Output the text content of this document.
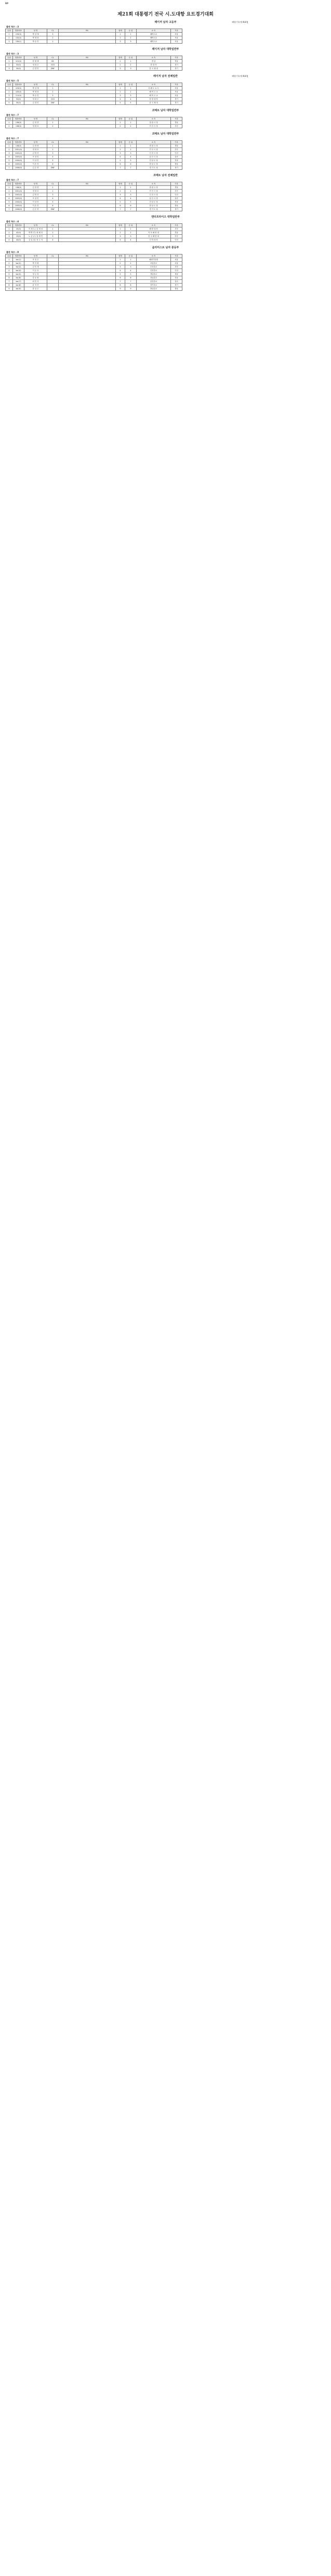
RP
제21회 대통령기 전국 시.도대항 요트경기대회
레이저 남자 고등부	해양기록계 IIUI/IJ
출전 척수 : 3
순위	범장번호	성 명	CL	RS	합계	순 위	소 속	기록
1	133(3)	박 상 재	3		1	1	해역고교	서울
2	132(4)	박 재 현	2		2	2	해역고교	서울
3	130(1)	박 승 민	1		3	3	해역고교	서울
레이저 남자 대학일반부
출전 척수 : 3
순위	범장번호	성 명	CL	RS	합계	순 위	소 속	기록
1	101(0)	한 원 택	BS		1	1	경 남	경남
2	53(0)	정 대 우	OCS		2	2	한 대 학	경기
3	50(0)	김 경 민	DNF		3	3	한 국 체 대	경기
레이저 남자 전체일반	해양기록계 IIUI/IJ
출전 척수 : 5
순위	범장번호	성 명	CL	RS	합계	순 위	소 속	기록
1	103(0)	박 상 재	1		1	1	서 해 도 요 트	서울
2	105(0)	박 재 현	2		2	2	해 역 고 교	서울
3	111(0)	박 승 민	3		3	3	해 역 고 교	서울
4	53(0)	정 대 우	OCS		4	4	한 양 대 학	경기
5	50(0)	김 경 민	DNF		5	5	한 국 체 대	경기
코메트 남자 대학일반부
출전 척수 : 7
순위	범장번호	성 명	CL	RS	합계	순 위	소 속	기록
1	138(0)	김 정 현	1		1	1	창 원 시 청	경남
2	138(0)	정 대 호	2		2	2	부 산 시 청	부산
코메트 남자 대학일반부
출전 척수 : 7
순위	범장번호	성 명	CL	RS	합계	순 위	소 속	기록
1	138(0)	김 정 현	1		1	1	창 원 시 청	경남
2	1001(0)	정 대 호	2		2	2	부 산 시 청	부산
3	1002(0)	김 영 진	3		3	3	인 천 시 청	인천
4	1003(0)	조 성 민	4		4	4	울 산 시 청	울산
5	1004(0)	이 상 민	5		5	5	전 남 도 청	전남
6	1005(0)	이 승 진	6		6	6	충 남 도 청	충남
7	1006(0)	김 수 현	DNF		7	7	경 기 도 청	경기
코메트 남자 전체일반
출전 척수 : 7
순위	범장번호	성 명	CL	RS	합계	순 위	소 속	기록
1	138(0)	김 정 현	1		1	1	창 원 시 청	경남
2	1001(0)	정 대 호	2		2	2	부 산 시 청	부산
3	1002(0)	김 영 진	3		3	3	인 천 시 청	인천
4	1003(0)	조 성 민	4		4	4	울 산 시 청	울산
5	1004(0)	이 상 민	5		5	5	전 남 도 청	전남
6	1005(0)	이 승 진	6		6	6	충 남 도 청	충남
7	1006(0)	김 수 현	DNF		7	7	경 기 도 청	경기
엔터프라이즈 대학일반부
출전 척수 : 4
순위	범장번호	성 명	CL	RS	합계	순 위	소 속	기록
1	25(0)	이 재 우 / 김 재 성	1		1	1	해 양 대 학	부산
2	42(0)	박 병 진 / 최 혜 진	2		2	2	목 포 해 양 대	전남
3	23(0)	노 준 규 / 김 재 민	3		3	3	한 국 해 양 대	부산
4	44(0)	김 일 권 / 정 수 석	4		4	4	인 하 대 학	인천
옵티미스트 남자 중등부
출전 척수 : 9
순위	범장번호	성 명	CL	RS	합계	순 위	소 속	기록
1	kor(1)	조 현 우			1	1	해양기록계	서울
2	kor(2)	박 지 원			2	2	서울중교	서울
3	kor(3)	김 민 재			3	3	부산중교	부산
4	kor(4)	이 준 호			4	4	인천중교	인천
5	kor(5)	정 우 성			5	5	경남중교	경남
6	kor(6)	강 동 원			6	6	전남중교	전남
7	kor(7)	최 민 식			7	7	울산중교	울산
8	kor(8)	윤 석 진			8	8	경기중교	경기
9	kor(9)	한 상 우			9	9	충남중교	충남
